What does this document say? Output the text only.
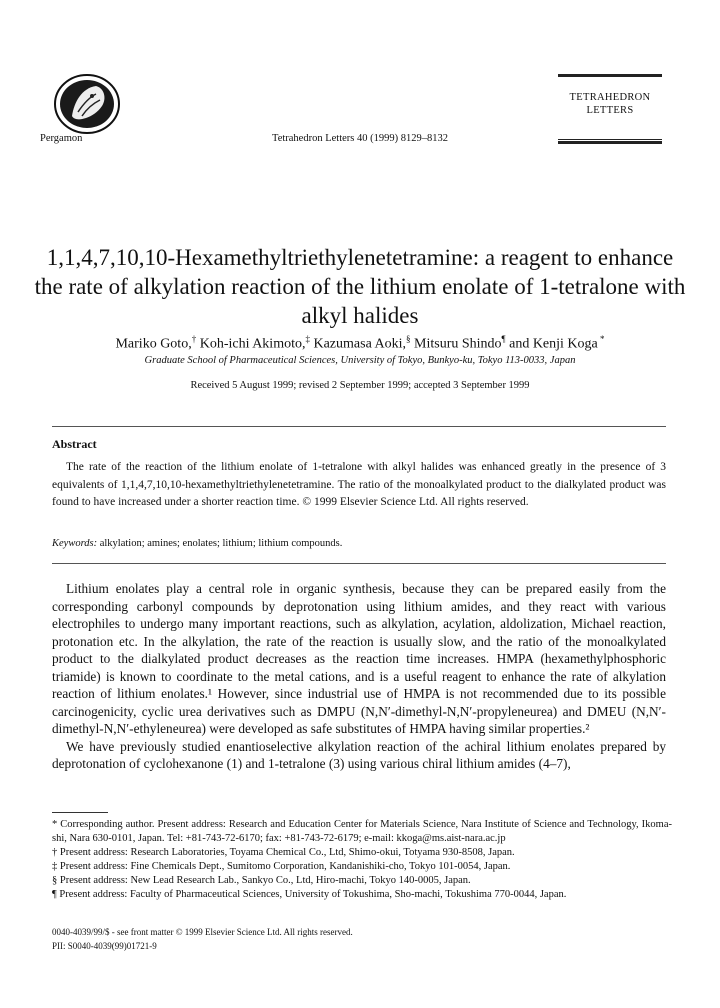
Pergamon	Tetrahedron Letters 40 (1999) 8129–8132
TETRAHEDRON
LETTERS
1,1,4,7,10,10-Hexamethyltriethylenetetramine: a reagent to enhance the rate of alkylation reaction of the lithium enolate of 1-tetralone with alkyl halides
Mariko Goto,† Koh-ichi Akimoto,‡ Kazumasa Aoki,§ Mitsuru Shindo¶ and Kenji Koga *
Graduate School of Pharmaceutical Sciences, University of Tokyo, Bunkyo-ku, Tokyo 113-0033, Japan
Received 5 August 1999; revised 2 September 1999; accepted 3 September 1999
Abstract
The rate of the reaction of the lithium enolate of 1-tetralone with alkyl halides was enhanced greatly in the presence of 3 equivalents of 1,1,4,7,10,10-hexamethyltriethylenetetramine. The ratio of the monoalkylated product to the dialkylated product was found to have increased under a shorter reaction time. © 1999 Elsevier Science Ltd. All rights reserved.
Keywords: alkylation; amines; enolates; lithium; lithium compounds.

Lithium enolates play a central role in organic synthesis, because they can be prepared easily from the corresponding carbonyl compounds by deprotonation using lithium amides, and they react with various electrophiles to undergo many important reactions, such as alkylation, acylation, aldolization, Michael reaction, protonation etc. In the alkylation, the rate of the reaction is usually slow, and the ratio of the monoalkylated product to the dialkylated product decreases as the reaction time increases. HMPA (hexamethylphosphoric triamide) is known to coordinate to the metal cations, and is a useful reagent to enhance the rate of alkylation reaction of lithium enolates.¹ However, since industrial use of HMPA is not recommended due to its possible carcinogenicity, cyclic urea derivatives such as DMPU (N,N′-dimethyl-N,N′-propyleneurea) and DMEU (N,N′-dimethyl-N,N′-ethyleneurea) were developed as safe substitutes of HMPA having similar properties.²

We have previously studied enantioselective alkylation reaction of the achiral lithium enolates prepared by deprotonation of cyclohexanone (1) and 1-tetralone (3) using various chiral lithium amides (4–7),

* Corresponding author. Present address: Research and Education Center for Materials Science, Nara Institute of Science and Technology, Ikoma-shi, Nara 630-0101, Japan. Tel: +81-743-72-6170; fax: +81-743-72-6179; e-mail: kkoga@ms.aist-nara.ac.jp
† Present address: Research Laboratories, Toyama Chemical Co., Ltd, Shimo-okui, Totyama 930-8508, Japan.
‡ Present address: Fine Chemicals Dept., Sumitomo Corporation, Kandanishiki-cho, Tokyo 101-0054, Japan.
§ Present address: New Lead Research Lab., Sankyo Co., Ltd, Hiro-machi, Tokyo 140-0005, Japan.
¶ Present address: Faculty of Pharmaceutical Sciences, University of Tokushima, Sho-machi, Tokushima 770-0044, Japan.
0040-4039/99/$ - see front matter © 1999 Elsevier Science Ltd. All rights reserved.
PII: S0040-4039(99)01721-9
